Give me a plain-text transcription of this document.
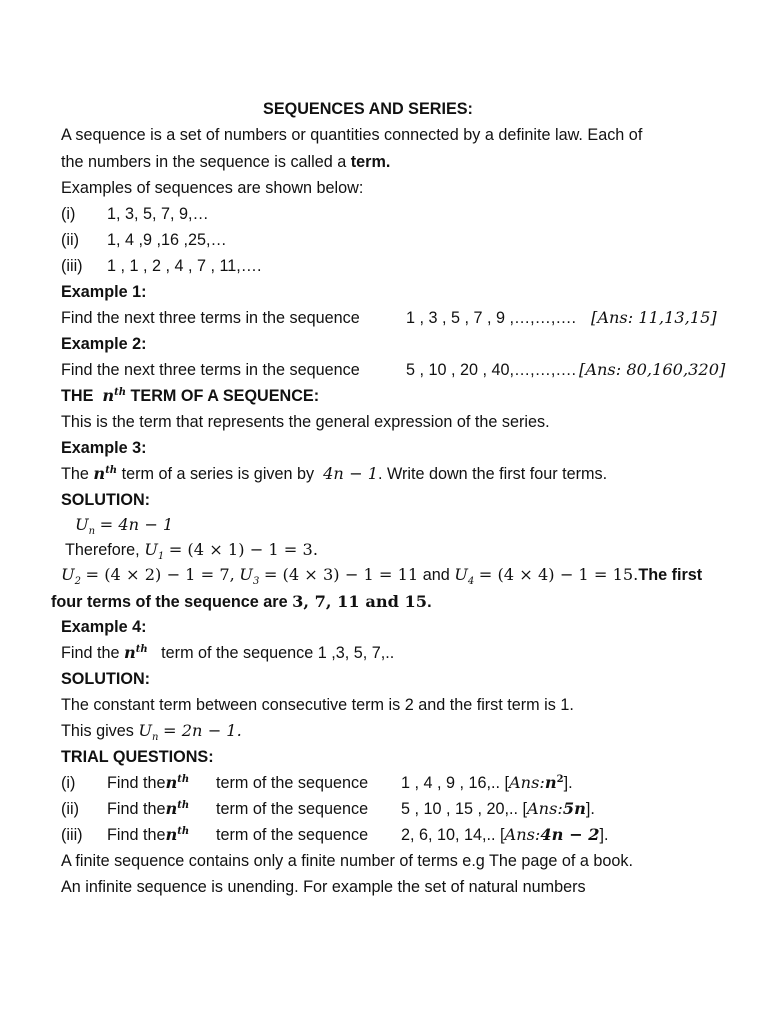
SEQUENCES AND SERIES:
A sequence is a set of numbers or quantities connected by a definite law. Each of
the numbers in the sequence is called a term.
Examples of sequences are shown below:
(i) 1, 3, 5, 7, 9,…
(ii) 1, 4 ,9 ,16 ,25,…
(iii) 1 , 1 , 2 , 4 , 7 , 11,….
Example 1:
Find the next three terms in the sequence	1 , 3 , 5 , 7 , 9 ,…,…,…. [Ans: 11,13,15]
Example 2:
Find the next three terms in the sequence	5 , 10 , 20 , 40,…,…,…. [Ans: 80,160,320]
THE $n^{th}$ TERM OF A SEQUENCE:
This is the term that represents the general expression of the series.
Example 3:
The $n^{th}$ term of a series is given by 4n − 1. Write down the first four terms.
SOLUTION:
$U_n = 4n - 1$
Therefore, $U_1 = (4 \times 1) - 1 = 3$.
$U_2 = (4 \times 2) - 1 = 7$, $U_3 = (4 \times 3) - 1 = 11$ and $U_4 = (4 \times 4) - 1 = 15.The$ first
four terms of the sequence are 3, 7, 11 and 15.
Example 4:
Find the $n^{th}$ term of the sequence 1 ,3, 5, 7,..
SOLUTION:
The constant term between consecutive term is 2 and the first term is 1.
This gives $U_n = 2n - 1$.
TRIAL QUESTIONS:
(i) Find then$^{th}$ term of the sequence 1 , 4 , 9 , 16,.. $[Ans:n^2]$.
(ii) Find then$^{th}$ term of the sequence 5 , 10 , 15 , 20,.. [Ans:5n].
(iii) Find then$^{th}$ term of the sequence 2, 6, 10, 14,.. [Ans:4n − 2].
A finite sequence contains only a finite number of terms e.g The page of a book.
An infinite sequence is unending. For example the set of natural numbers
